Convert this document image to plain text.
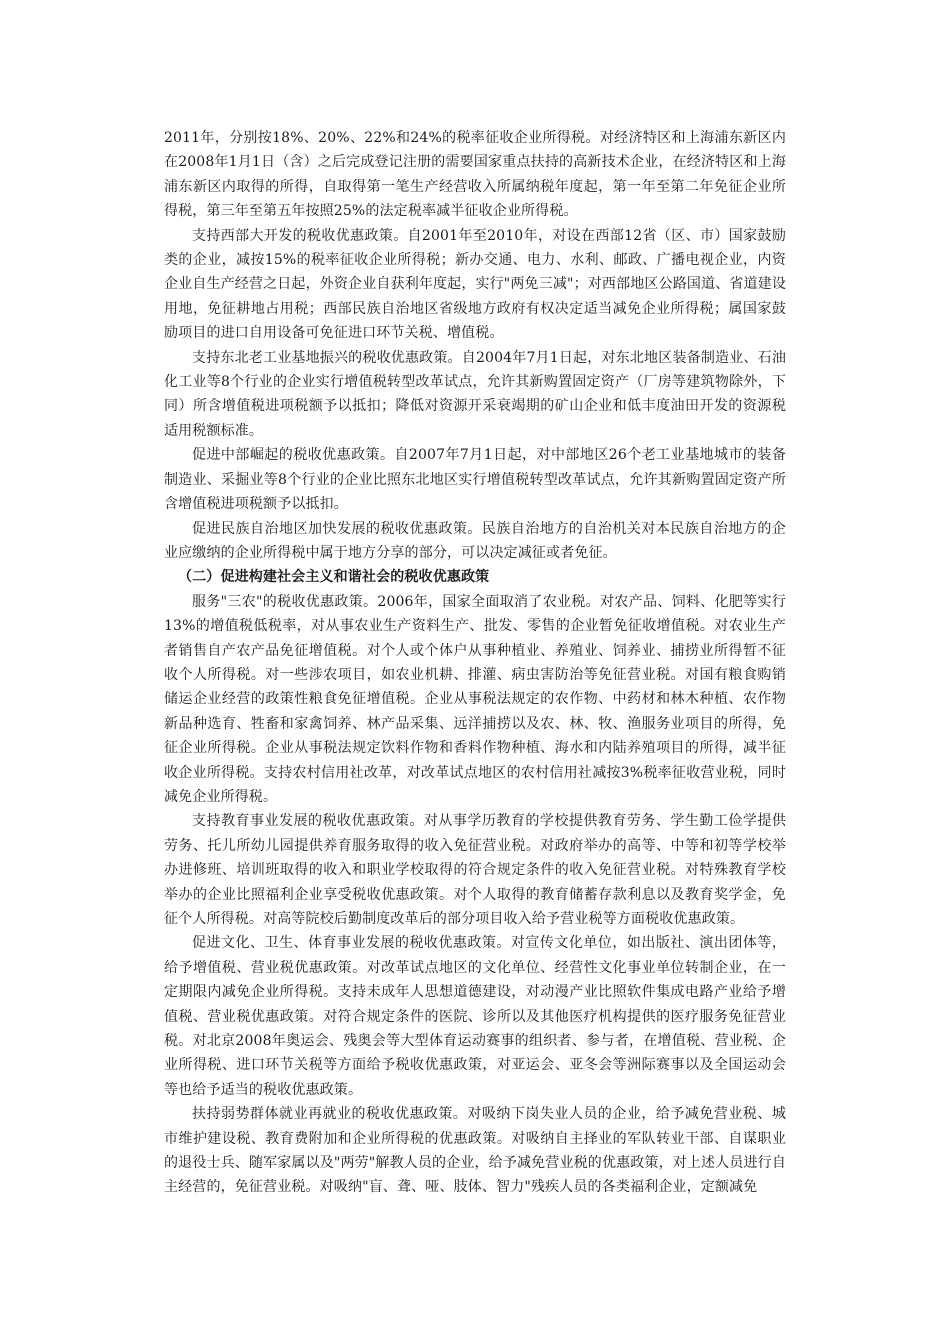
2011年，分别按18%、20%、22%和24%的税率征收企业所得税。对经济特区和上海浦东新区内在2008年1月1日（含）之后完成登记注册的需要国家重点扶持的高新技术企业，在经济特区和上海浦东新区内取得的所得，自取得第一笔生产经营收入所属纳税年度起，第一年至第二年免征企业所得税，第三年至第五年按照25%的法定税率减半征收企业所得税。

支持西部大开发的税收优惠政策。自2001年至2010年，对设在西部12省（区、市）国家鼓励类的企业，减按15%的税率征收企业所得税；新办交通、电力、水利、邮政、广播电视企业，内资企业自生产经营之日起，外资企业自获利年度起，实行"两免三减"；对西部地区公路国道、省道建设用地，免征耕地占用税；西部民族自治地区省级地方政府有权决定适当减免企业所得税；属国家鼓励项目的进口自用设备可免征进口环节关税、增值税。

支持东北老工业基地振兴的税收优惠政策。自2004年7月1日起，对东北地区装备制造业、石油化工业等8个行业的企业实行增值税转型改革试点，允许其新购置固定资产（厂房等建筑物除外，下同）所含增值税进项税额予以抵扣；降低对资源开采衰竭期的矿山企业和低丰度油田开发的资源税适用税额标准。

促进中部崛起的税收优惠政策。自2007年7月1日起，对中部地区26个老工业基地城市的装备制造业、采掘业等8个行业的企业比照东北地区实行增值税转型改革试点，允许其新购置固定资产所含增值税进项税额予以抵扣。

促进民族自治地区加快发展的税收优惠政策。民族自治地方的自治机关对本民族自治地方的企业应缴纳的企业所得税中属于地方分享的部分，可以决定减征或者免征。

（二）促进构建社会主义和谐社会的税收优惠政策

服务"三农"的税收优惠政策。2006年，国家全面取消了农业税。对农产品、饲料、化肥等实行13%的增值税低税率，对从事农业生产资料生产、批发、零售的企业暂免征收增值税。对农业生产者销售自产农产品免征增值税。对个人或个体户从事种植业、养殖业、饲养业、捕捞业所得暂不征收个人所得税。对一些涉农项目，如农业机耕、排灌、病虫害防治等免征营业税。对国有粮食购销储运企业经营的政策性粮食免征增值税。企业从事税法规定的农作物、中药材和林木种植、农作物新品种选育、牲畜和家禽饲养、林产品采集、远洋捕捞以及农、林、牧、渔服务业项目的所得，免征企业所得税。企业从事税法规定饮料作物和香料作物种植、海水和内陆养殖项目的所得，减半征收企业所得税。支持农村信用社改革，对改革试点地区的农村信用社减按3%税率征收营业税，同时减免企业所得税。

支持教育事业发展的税收优惠政策。对从事学历教育的学校提供教育劳务、学生勤工俭学提供劳务、托儿所幼儿园提供养育服务取得的收入免征营业税。对政府举办的高等、中等和初等学校举办进修班、培训班取得的收入和职业学校取得的符合规定条件的收入免征营业税。对特殊教育学校举办的企业比照福利企业享受税收优惠政策。对个人取得的教育储蓄存款利息以及教育奖学金，免征个人所得税。对高等院校后勤制度改革后的部分项目收入给予营业税等方面税收优惠政策。

促进文化、卫生、体育事业发展的税收优惠政策。对宣传文化单位，如出版社、演出团体等，给予增值税、营业税优惠政策。对改革试点地区的文化单位、经营性文化事业单位转制企业，在一定期限内减免企业所得税。支持未成年人思想道德建设，对动漫产业比照软件集成电路产业给予增值税、营业税优惠政策。对符合规定条件的医院、诊所以及其他医疗机构提供的医疗服务免征营业税。对北京2008年奥运会、残奥会等大型体育运动赛事的组织者、参与者，在增值税、营业税、企业所得税、进口环节关税等方面给予税收优惠政策，对亚运会、亚冬会等洲际赛事以及全国运动会等也给予适当的税收优惠政策。

扶持弱势群体就业再就业的税收优惠政策。对吸纳下岗失业人员的企业，给予减免营业税、城市维护建设税、教育费附加和企业所得税的优惠政策。对吸纳自主择业的军队转业干部、自谋职业的退役士兵、随军家属以及"两劳"解教人员的企业，给予减免营业税的优惠政策，对上述人员进行自主经营的，免征营业税。对吸纳"盲、聋、哑、肢体、智力"残疾人员的各类福利企业，定额减免
